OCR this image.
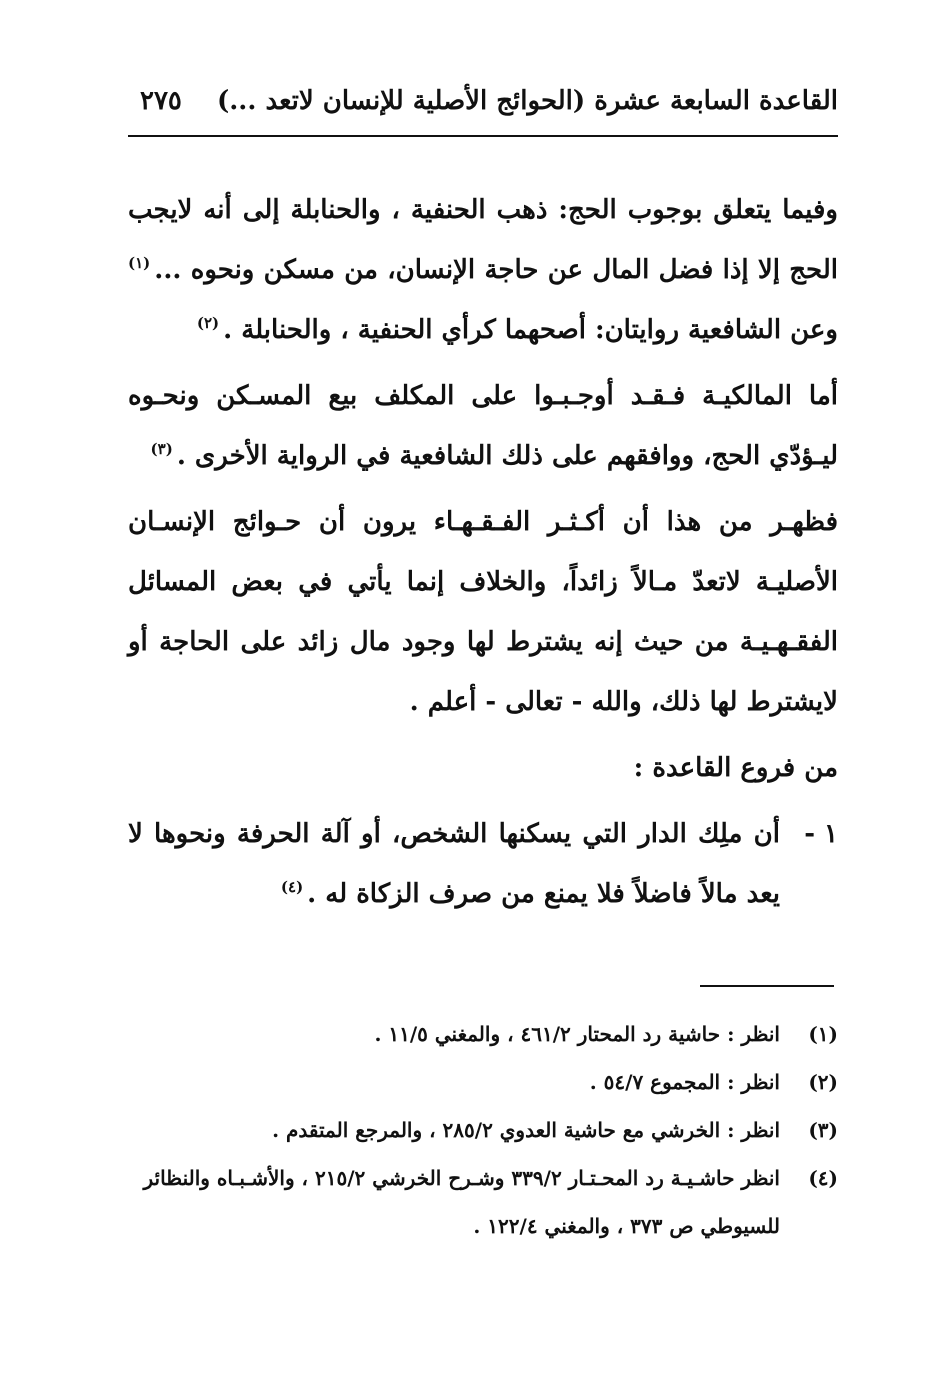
القاعدة السابعة عشرة (الحوائج الأصلية للإنسان لاتعد ...)
٢٧٥

وفيما يتعلق بوجوب الحج: ذهب الحنفية ، والحنابلة إلى أنه لايجب الحج إلا إذا فضل المال عن حاجة الإنسان، من مسكن ونحوه ...$^{(١)}$ وعن الشافعية روايتان: أصحهما كرأي الحنفية ، والحنابلة .$^{(٢)}$

أما المالكيـة فـقـد أوجـبـوا على المكلف بيع المسـكن ونحـوه ليـؤدّي الحج، ووافقهم على ذلك الشافعية في الرواية الأخرى .$^{(٣)}$

فظهـر من هذا أن أكـثـر الفـقـهـاء يرون أن حـوائج الإنسـان الأصليـة لاتعدّ مـالاً زائداً، والخلاف إنما يأتي في بعض المسائل الفقـهـيـة من حيث إنه يشترط لها وجود مال زائد على الحاجة أو لايشترط لها ذلك، والله - تعالى - أعلم .

من فروع القاعدة :

١ -
أن ملِك الدار التي يسكنها الشخص، أو آلة الحرفة ونحوها لا يعد مالاً فاضلاً فلا يمنع من صرف الزكاة له .$^{(٤)}$
(١)
انظر : حاشية رد المحتار ٤٦١/٢ ، والمغني ١١/٥ .
(٢)
انظر : المجموع ٥٤/٧ .
(٣)
انظر : الخرشي مع حاشية العدوي ٢٨٥/٢ ، والمرجع المتقدم .
(٤)
انظر حاشـيـة رد المحـتـار ٣٣٩/٢ وشـرح الخرشي ٢١٥/٢ ، والأشـبـاه والنظائر للسيوطي ص ٣٧٣ ، والمغني ١٢٢/٤ .
